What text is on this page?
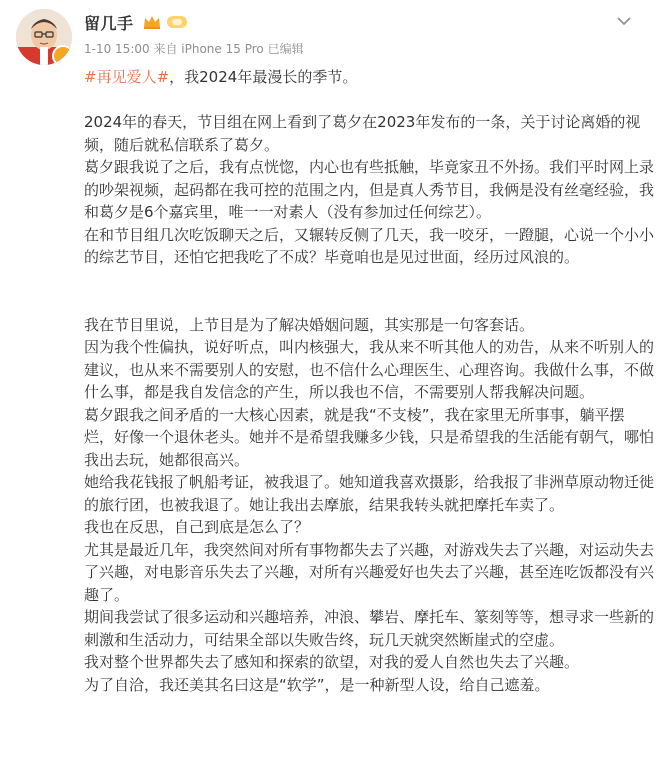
留几手
1-10 15:00 来自 iPhone 15 Pro 已编辑

#再见爱人#，我2024年最漫长的季节。

2024年的春天，节目组在网上看到了葛夕在2023年发布的一条，关于讨论离婚的视频，随后就私信联系了葛夕。

葛夕跟我说了之后，我有点恍惚，内心也有些抵触，毕竟家丑不外扬。我们平时网上录的吵架视频，起码都在我可控的范围之内，但是真人秀节目，我俩是没有丝毫经验，我和葛夕是6个嘉宾里，唯一一对素人（没有参加过任何综艺）。

在和节目组几次吃饭聊天之后，又辗转反侧了几天，我一咬牙，一蹬腿，心说一个小小的综艺节目，还怕它把我吃了不成？毕竟咱也是见过世面，经历过风浪的。

我在节目里说，上节目是为了解决婚姻问题，其实那是一句客套话。

因为我个性偏执，说好听点，叫内核强大，我从来不听其他人的劝告，从来不听别人的建议，也从来不需要别人的安慰，也不信什么心理医生、心理咨询。我做什么事，不做什么事，都是我自发信念的产生，所以我也不信，不需要别人帮我解决问题。

葛夕跟我之间矛盾的一大核心因素，就是我“不支棱”，我在家里无所事事，躺平摆烂，好像一个退休老头。她并不是希望我赚多少钱，只是希望我的生活能有朝气，哪怕我出去玩，她都很高兴。

她给我花钱报了帆船考证，被我退了。她知道我喜欢摄影，给我报了非洲草原动物迁徙的旅行团，也被我退了。她让我出去摩旅，结果我转头就把摩托车卖了。

我也在反思，自己到底是怎么了？

尤其是最近几年，我突然间对所有事物都失去了兴趣，对游戏失去了兴趣，对运动失去了兴趣，对电影音乐失去了兴趣，对所有兴趣爱好也失去了兴趣，甚至连吃饭都没有兴趣了。

期间我尝试了很多运动和兴趣培养，冲浪、攀岩、摩托车、篆刻等等，想寻求一些新的刺激和生活动力，可结果全部以失败告终，玩几天就突然断崖式的空虚。

我对整个世界都失去了感知和探索的欲望，对我的爱人自然也失去了兴趣。

为了自洽，我还美其名曰这是“软学”，是一种新型人设，给自己遮羞。
